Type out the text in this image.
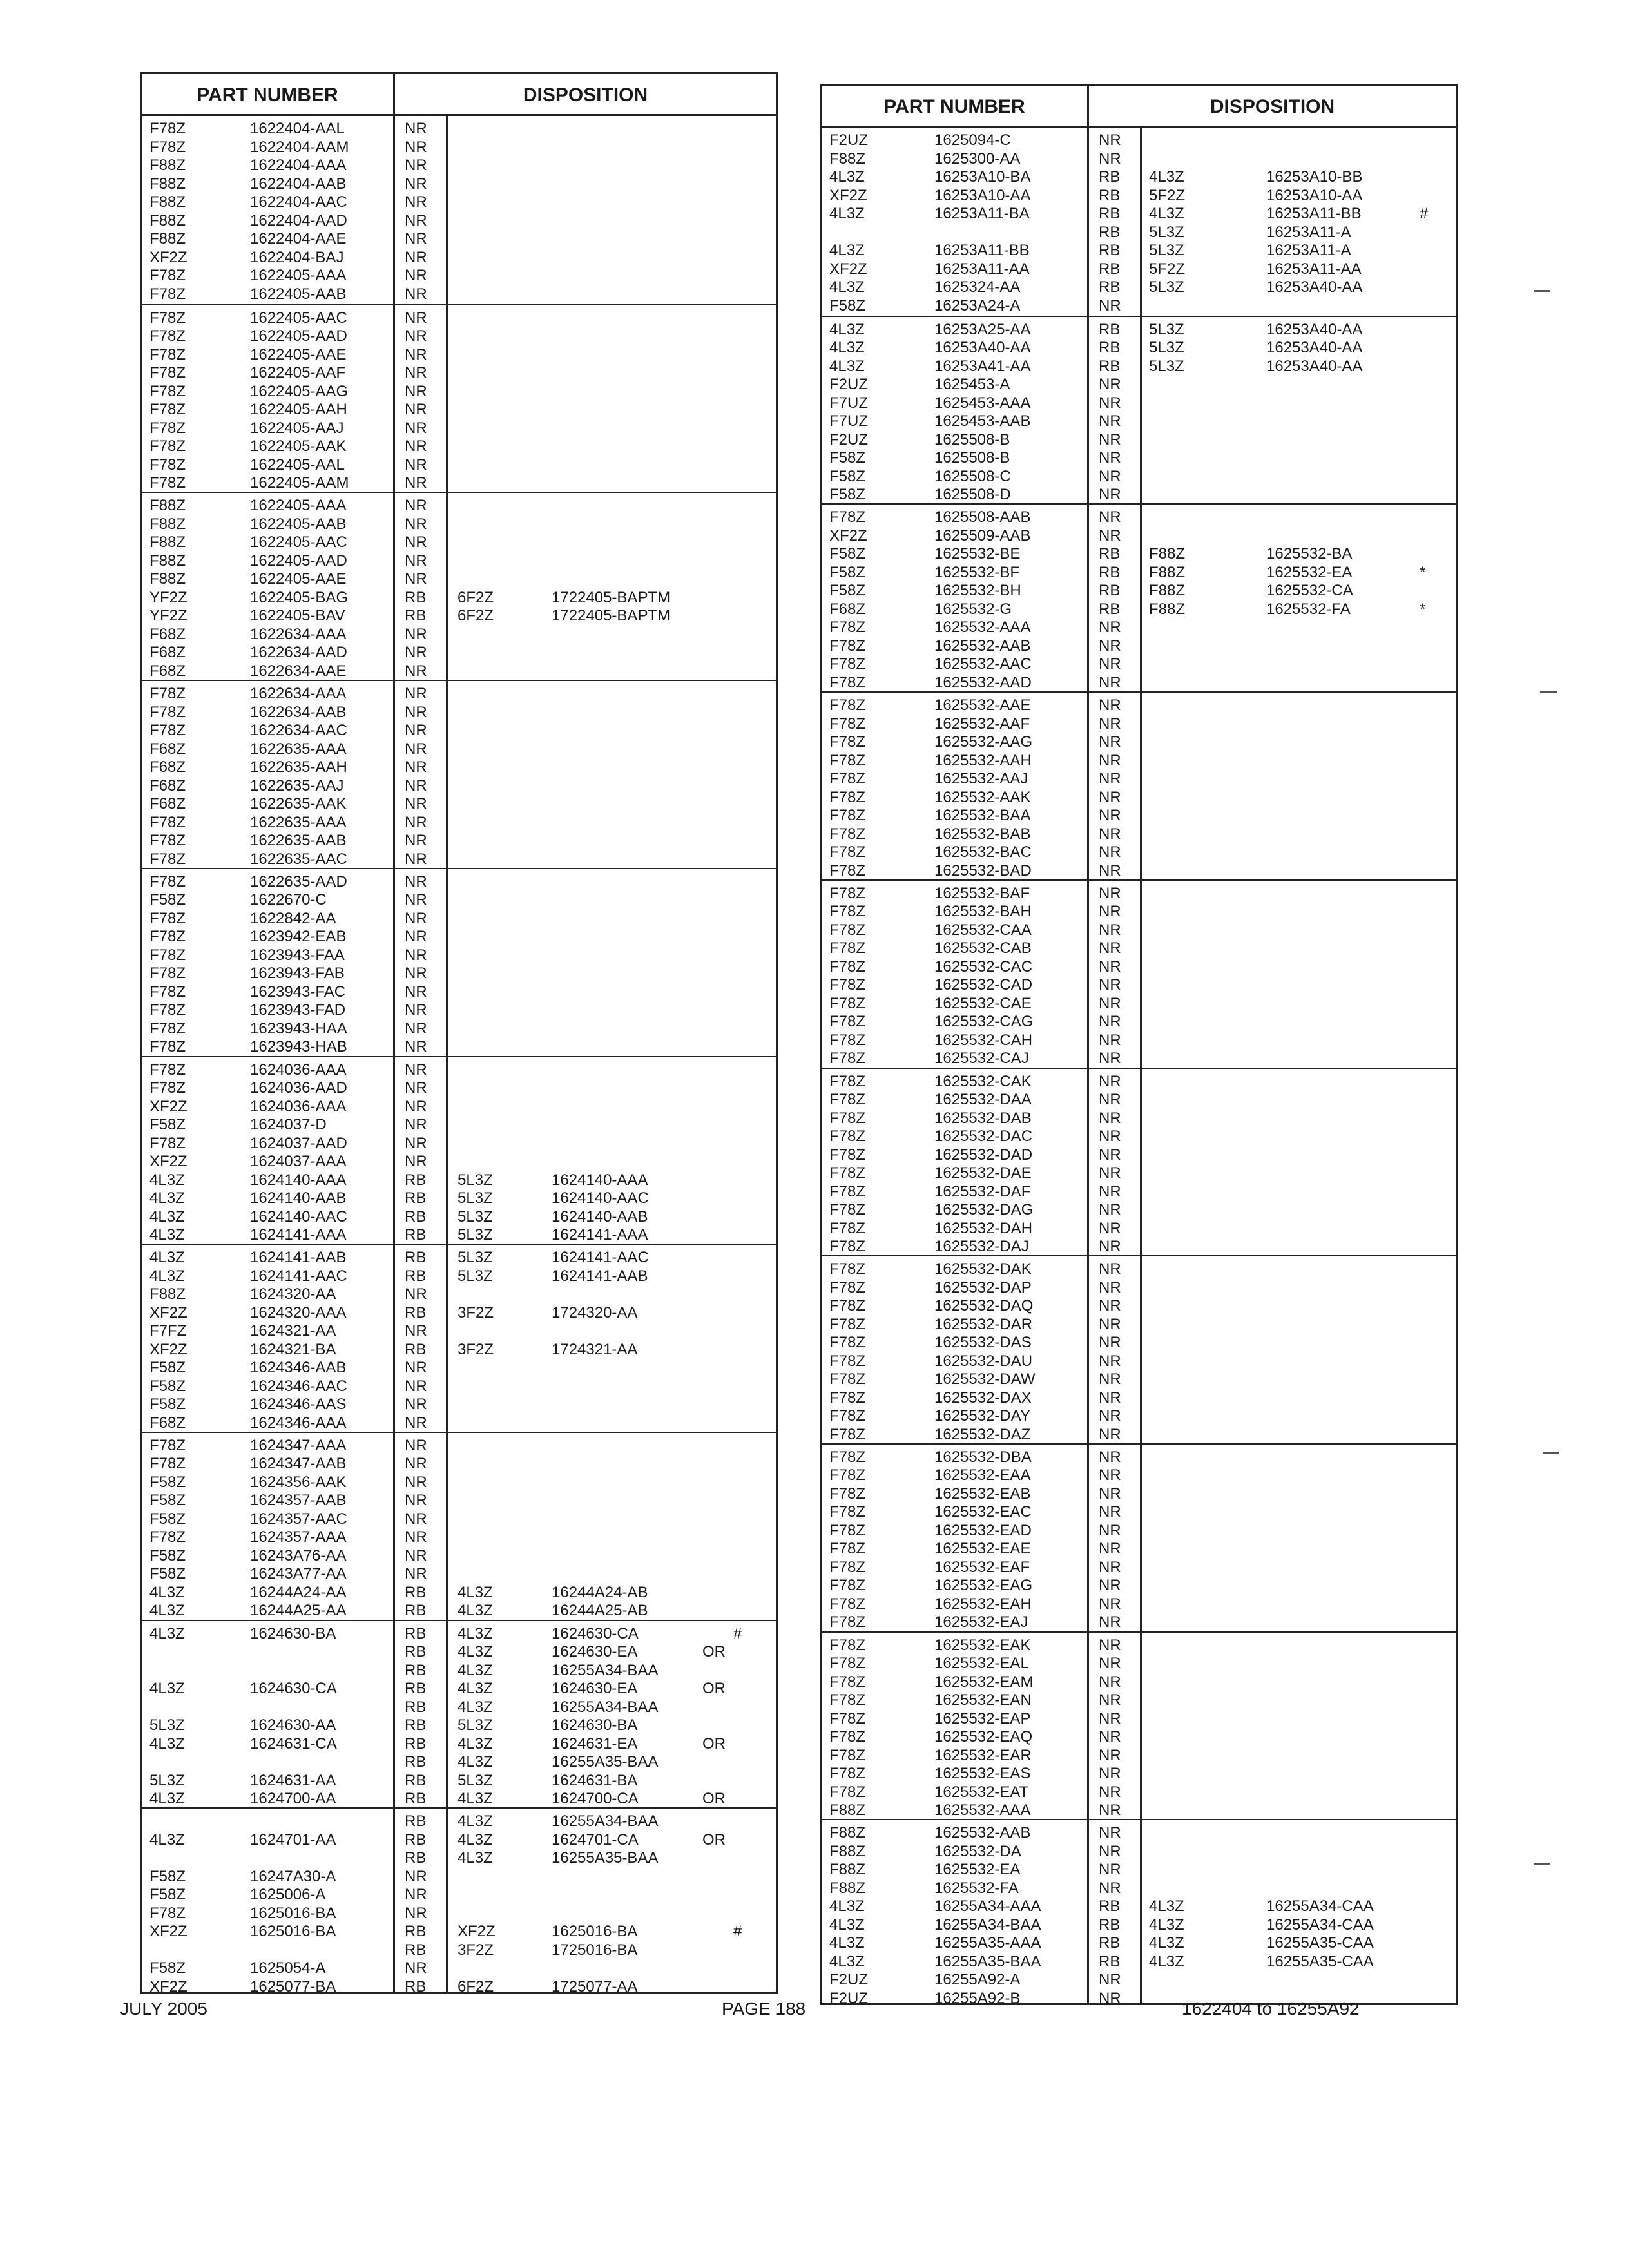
PART NUMBER	DISPOSITION
F78Z	1622404-AAL	NR
F78Z	1622404-AAM	NR
F88Z	1622404-AAA	NR
F88Z	1622404-AAB	NR
F88Z	1622404-AAC	NR
F88Z	1622404-AAD	NR
F88Z	1622404-AAE	NR
XF2Z	1622404-BAJ	NR
F78Z	1622405-AAA	NR
F78Z	1622405-AAB	NR
F78Z	1622405-AAC	NR
F78Z	1622405-AAD	NR
F78Z	1622405-AAE	NR
F78Z	1622405-AAF	NR
F78Z	1622405-AAG	NR
F78Z	1622405-AAH	NR
F78Z	1622405-AAJ	NR
F78Z	1622405-AAK	NR
F78Z	1622405-AAL	NR
F78Z	1622405-AAM	NR
F88Z	1622405-AAA	NR
F88Z	1622405-AAB	NR
F88Z	1622405-AAC	NR
F88Z	1622405-AAD	NR
F88Z	1622405-AAE	NR
YF2Z	1622405-BAG	RB 6F2Z	1722405-BAPTM
YF2Z	1622405-BAV	RB 6F2Z	1722405-BAPTM
F68Z	1622634-AAA	NR
F68Z	1622634-AAD	NR
F68Z	1622634-AAE	NR
F78Z	1622634-AAA	NR
F78Z	1622634-AAB	NR
F78Z	1622634-AAC	NR
F68Z	1622635-AAA	NR
F68Z	1622635-AAH	NR
F68Z	1622635-AAJ	NR
F68Z	1622635-AAK	NR
F78Z	1622635-AAA	NR
F78Z	1622635-AAB	NR
F78Z	1622635-AAC	NR
F78Z	1622635-AAD	NR
F58Z	1622670-C	NR
F78Z	1622842-AA	NR
F78Z	1623942-EAB	NR
F78Z	1623943-FAA	NR
F78Z	1623943-FAB	NR
F78Z	1623943-FAC	NR
F78Z	1623943-FAD	NR
F78Z	1623943-HAA	NR
F78Z	1623943-HAB	NR
F78Z	1624036-AAA	NR
F78Z	1624036-AAD	NR
XF2Z	1624036-AAA	NR
F58Z	1624037-D	NR
F78Z	1624037-AAD	NR
XF2Z	1624037-AAA	NR
4L3Z	1624140-AAA	RB 5L3Z	1624140-AAA
4L3Z	1624140-AAB	RB 5L3Z	1624140-AAC
4L3Z	1624140-AAC	RB 5L3Z	1624140-AAB
4L3Z	1624141-AAA	RB 5L3Z	1624141-AAA
4L3Z	1624141-AAB	RB 5L3Z	1624141-AAC
4L3Z	1624141-AAC	RB 5L3Z	1624141-AAB
F88Z	1624320-AA	NR
XF2Z	1624320-AAA	RB 3F2Z	1724320-AA
F7FZ	1624321-AA	NR
XF2Z	1624321-BA	RB 3F2Z	1724321-AA
F58Z	1624346-AAB	NR
F58Z	1624346-AAC	NR
F58Z	1624346-AAS	NR
F68Z	1624346-AAA	NR
F78Z	1624347-AAA	NR
F78Z	1624347-AAB	NR
F58Z	1624356-AAK	NR
F58Z	1624357-AAB	NR
F58Z	1624357-AAC	NR
F78Z	1624357-AAA	NR
F58Z	16243A76-AA	NR
F58Z	16243A77-AA	NR
4L3Z	16244A24-AA	RB 4L3Z	16244A24-AB
4L3Z	16244A25-AA	RB 4L3Z	16244A25-AB
4L3Z	1624630-BA	RB 4L3Z	1624630-CA	#
RB 4L3Z	1624630-EA	OR
RB 4L3Z	16255A34-BAA
4L3Z	1624630-CA	RB 4L3Z	1624630-EA	OR
RB 4L3Z	16255A34-BAA
5L3Z	1624630-AA	RB 5L3Z	1624630-BA
4L3Z	1624631-CA	RB 4L3Z	1624631-EA	OR
RB 4L3Z	16255A35-BAA
5L3Z	1624631-AA	RB 5L3Z	1624631-BA
4L3Z	1624700-AA	RB 4L3Z	1624700-CA	OR
RB 4L3Z	16255A34-BAA
4L3Z	1624701-AA	RB 4L3Z	1624701-CA	OR
RB 4L3Z	16255A35-BAA
F58Z	16247A30-A	NR
F58Z	1625006-A	NR
F78Z	1625016-BA	NR
XF2Z	1625016-BA	RB XF2Z	1625016-BA	#
RB 3F2Z	1725016-BA
F58Z	1625054-A	NR
XF2Z	1625077-BA	RB 6F2Z	1725077-AA
PART NUMBER	DISPOSITION
F2UZ	1625094-C	NR
F88Z	1625300-AA	NR
4L3Z	16253A10-BA	RB 4L3Z	16253A10-BB
XF2Z	16253A10-AA	RB 5F2Z	16253A10-AA
4L3Z	16253A11-BA	RB 4L3Z	16253A11-BB	#
RB 5L3Z	16253A11-A
4L3Z	16253A11-BB	RB 5L3Z	16253A11-A
XF2Z	16253A11-AA	RB 5F2Z	16253A11-AA
4L3Z	1625324-AA	RB 5L3Z	16253A40-AA
F58Z	16253A24-A	NR
4L3Z	16253A25-AA	RB 5L3Z	16253A40-AA
4L3Z	16253A40-AA	RB 5L3Z	16253A40-AA
4L3Z	16253A41-AA	RB 5L3Z	16253A40-AA
F2UZ	1625453-A	NR
F7UZ	1625453-AAA	NR
F7UZ	1625453-AAB	NR
F2UZ	1625508-B	NR
F58Z	1625508-B	NR
F58Z	1625508-C	NR
F58Z	1625508-D	NR
F78Z	1625508-AAB	NR
XF2Z	1625509-AAB	NR
F58Z	1625532-BE	RB F88Z	1625532-BA
F58Z	1625532-BF	RB F88Z	1625532-EA	*
F58Z	1625532-BH	RB F88Z	1625532-CA
F68Z	1625532-G	RB F88Z	1625532-FA	*
F78Z	1625532-AAA	NR
F78Z	1625532-AAB	NR
F78Z	1625532-AAC	NR
F78Z	1625532-AAD	NR
F78Z	1625532-AAE	NR
F78Z	1625532-AAF	NR
F78Z	1625532-AAG	NR
F78Z	1625532-AAH	NR
F78Z	1625532-AAJ	NR
F78Z	1625532-AAK	NR
F78Z	1625532-BAA	NR
F78Z	1625532-BAB	NR
F78Z	1625532-BAC	NR
F78Z	1625532-BAD	NR
F78Z	1625532-BAF	NR
F78Z	1625532-BAH	NR
F78Z	1625532-CAA	NR
F78Z	1625532-CAB	NR
F78Z	1625532-CAC	NR
F78Z	1625532-CAD	NR
F78Z	1625532-CAE	NR
F78Z	1625532-CAG	NR
F78Z	1625532-CAH	NR
F78Z	1625532-CAJ	NR
F78Z	1625532-CAK	NR
F78Z	1625532-DAA	NR
F78Z	1625532-DAB	NR
F78Z	1625532-DAC	NR
F78Z	1625532-DAD	NR
F78Z	1625532-DAE	NR
F78Z	1625532-DAF	NR
F78Z	1625532-DAG	NR
F78Z	1625532-DAH	NR
F78Z	1625532-DAJ	NR
F78Z	1625532-DAK	NR
F78Z	1625532-DAP	NR
F78Z	1625532-DAQ	NR
F78Z	1625532-DAR	NR
F78Z	1625532-DAS	NR
F78Z	1625532-DAU	NR
F78Z	1625532-DAW	NR
F78Z	1625532-DAX	NR
F78Z	1625532-DAY	NR
F78Z	1625532-DAZ	NR
F78Z	1625532-DBA	NR
F78Z	1625532-EAA	NR
F78Z	1625532-EAB	NR
F78Z	1625532-EAC	NR
F78Z	1625532-EAD	NR
F78Z	1625532-EAE	NR
F78Z	1625532-EAF	NR
F78Z	1625532-EAG	NR
F78Z	1625532-EAH	NR
F78Z	1625532-EAJ	NR
F78Z	1625532-EAK	NR
F78Z	1625532-EAL	NR
F78Z	1625532-EAM	NR
F78Z	1625532-EAN	NR
F78Z	1625532-EAP	NR
F78Z	1625532-EAQ	NR
F78Z	1625532-EAR	NR
F78Z	1625532-EAS	NR
F78Z	1625532-EAT	NR
F88Z	1625532-AAA	NR
F88Z	1625532-AAB	NR
F88Z	1625532-DA	NR
F88Z	1625532-EA	NR
F88Z	1625532-FA	NR
4L3Z	16255A34-AAA	RB 4L3Z	16255A34-CAA
4L3Z	16255A34-BAA	RB 4L3Z	16255A34-CAA
4L3Z	16255A35-AAA	RB 4L3Z	16255A35-CAA
4L3Z	16255A35-BAA	RB 4L3Z	16255A35-CAA
F2UZ	16255A92-A	NR
F2UZ	16255A92-B	NR
JULY 2005	PAGE 188	1622404 to 16255A92
